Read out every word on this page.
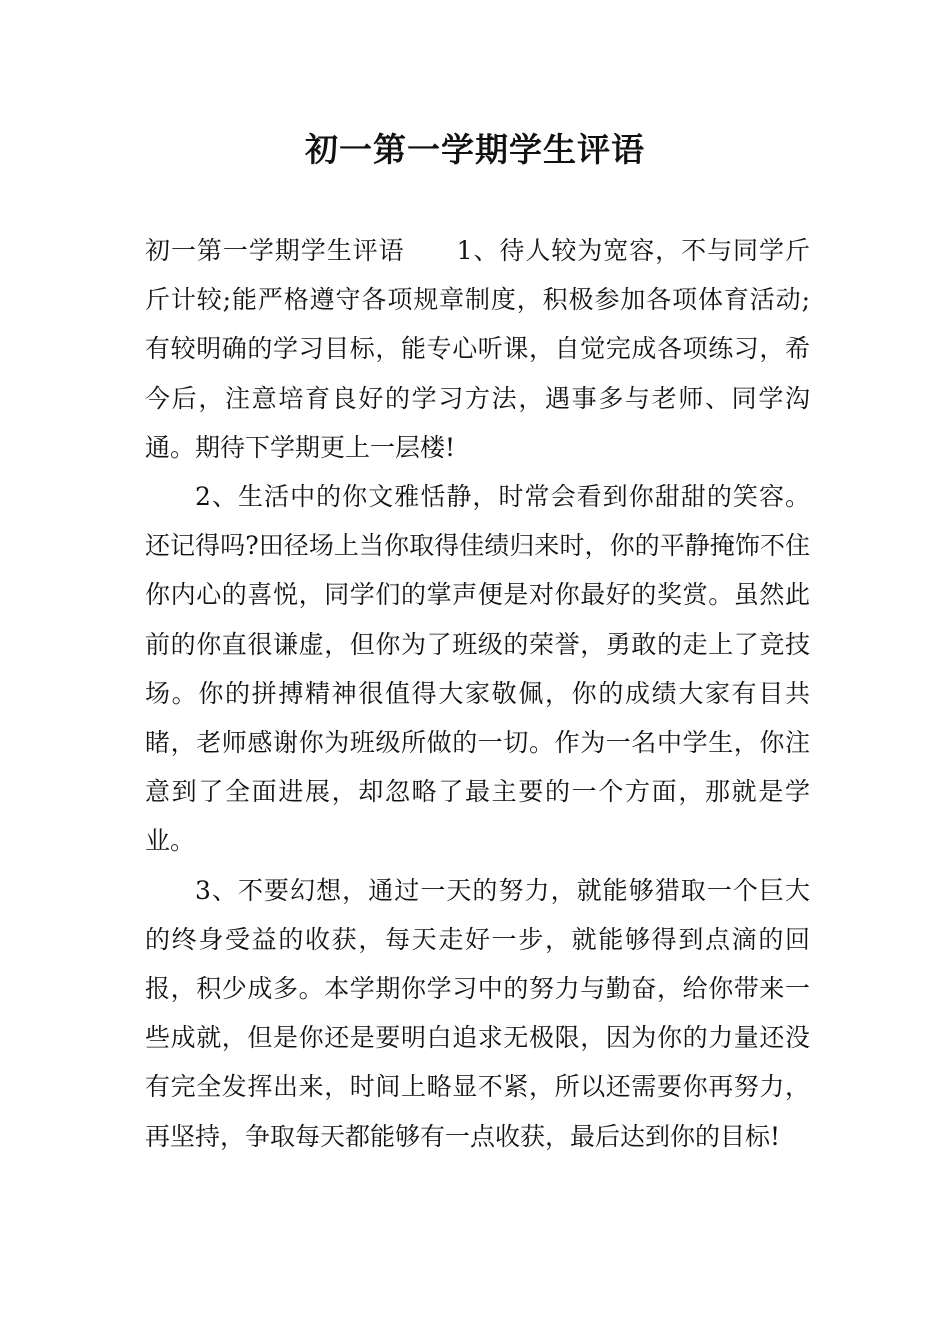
初一第一学期学生评语

初一第一学期学生评语 1、待人较为宽容，不与同学斤斤计较;能严格遵守各项规章制度，积极参加各项体育活动;有较明确的学习目标，能专心听课，自觉完成各项练习，希今后，注意培育良好的学习方法，遇事多与老师、同学沟通。期待下学期更上一层楼!

2、生活中的你文雅恬静，时常会看到你甜甜的笑容。还记得吗?田径场上当你取得佳绩归来时，你的平静掩饰不住你内心的喜悦，同学们的掌声便是对你最好的奖赏。虽然此前的你直很谦虚，但你为了班级的荣誉，勇敢的走上了竞技场。你的拼搏精神很值得大家敬佩，你的成绩大家有目共睹，老师感谢你为班级所做的一切。作为一名中学生，你注意到了全面进展，却忽略了最主要的一个方面，那就是学业。

3、不要幻想，通过一天的努力，就能够猎取一个巨大的终身受益的收获，每天走好一步，就能够得到点滴的回报，积少成多。本学期你学习中的努力与勤奋，给你带来一些成就，但是你还是要明白追求无极限，因为你的力量还没有完全发挥出来，时间上略显不紧，所以还需要你再努力，再坚持，争取每天都能够有一点收获，最后达到你的目标!
